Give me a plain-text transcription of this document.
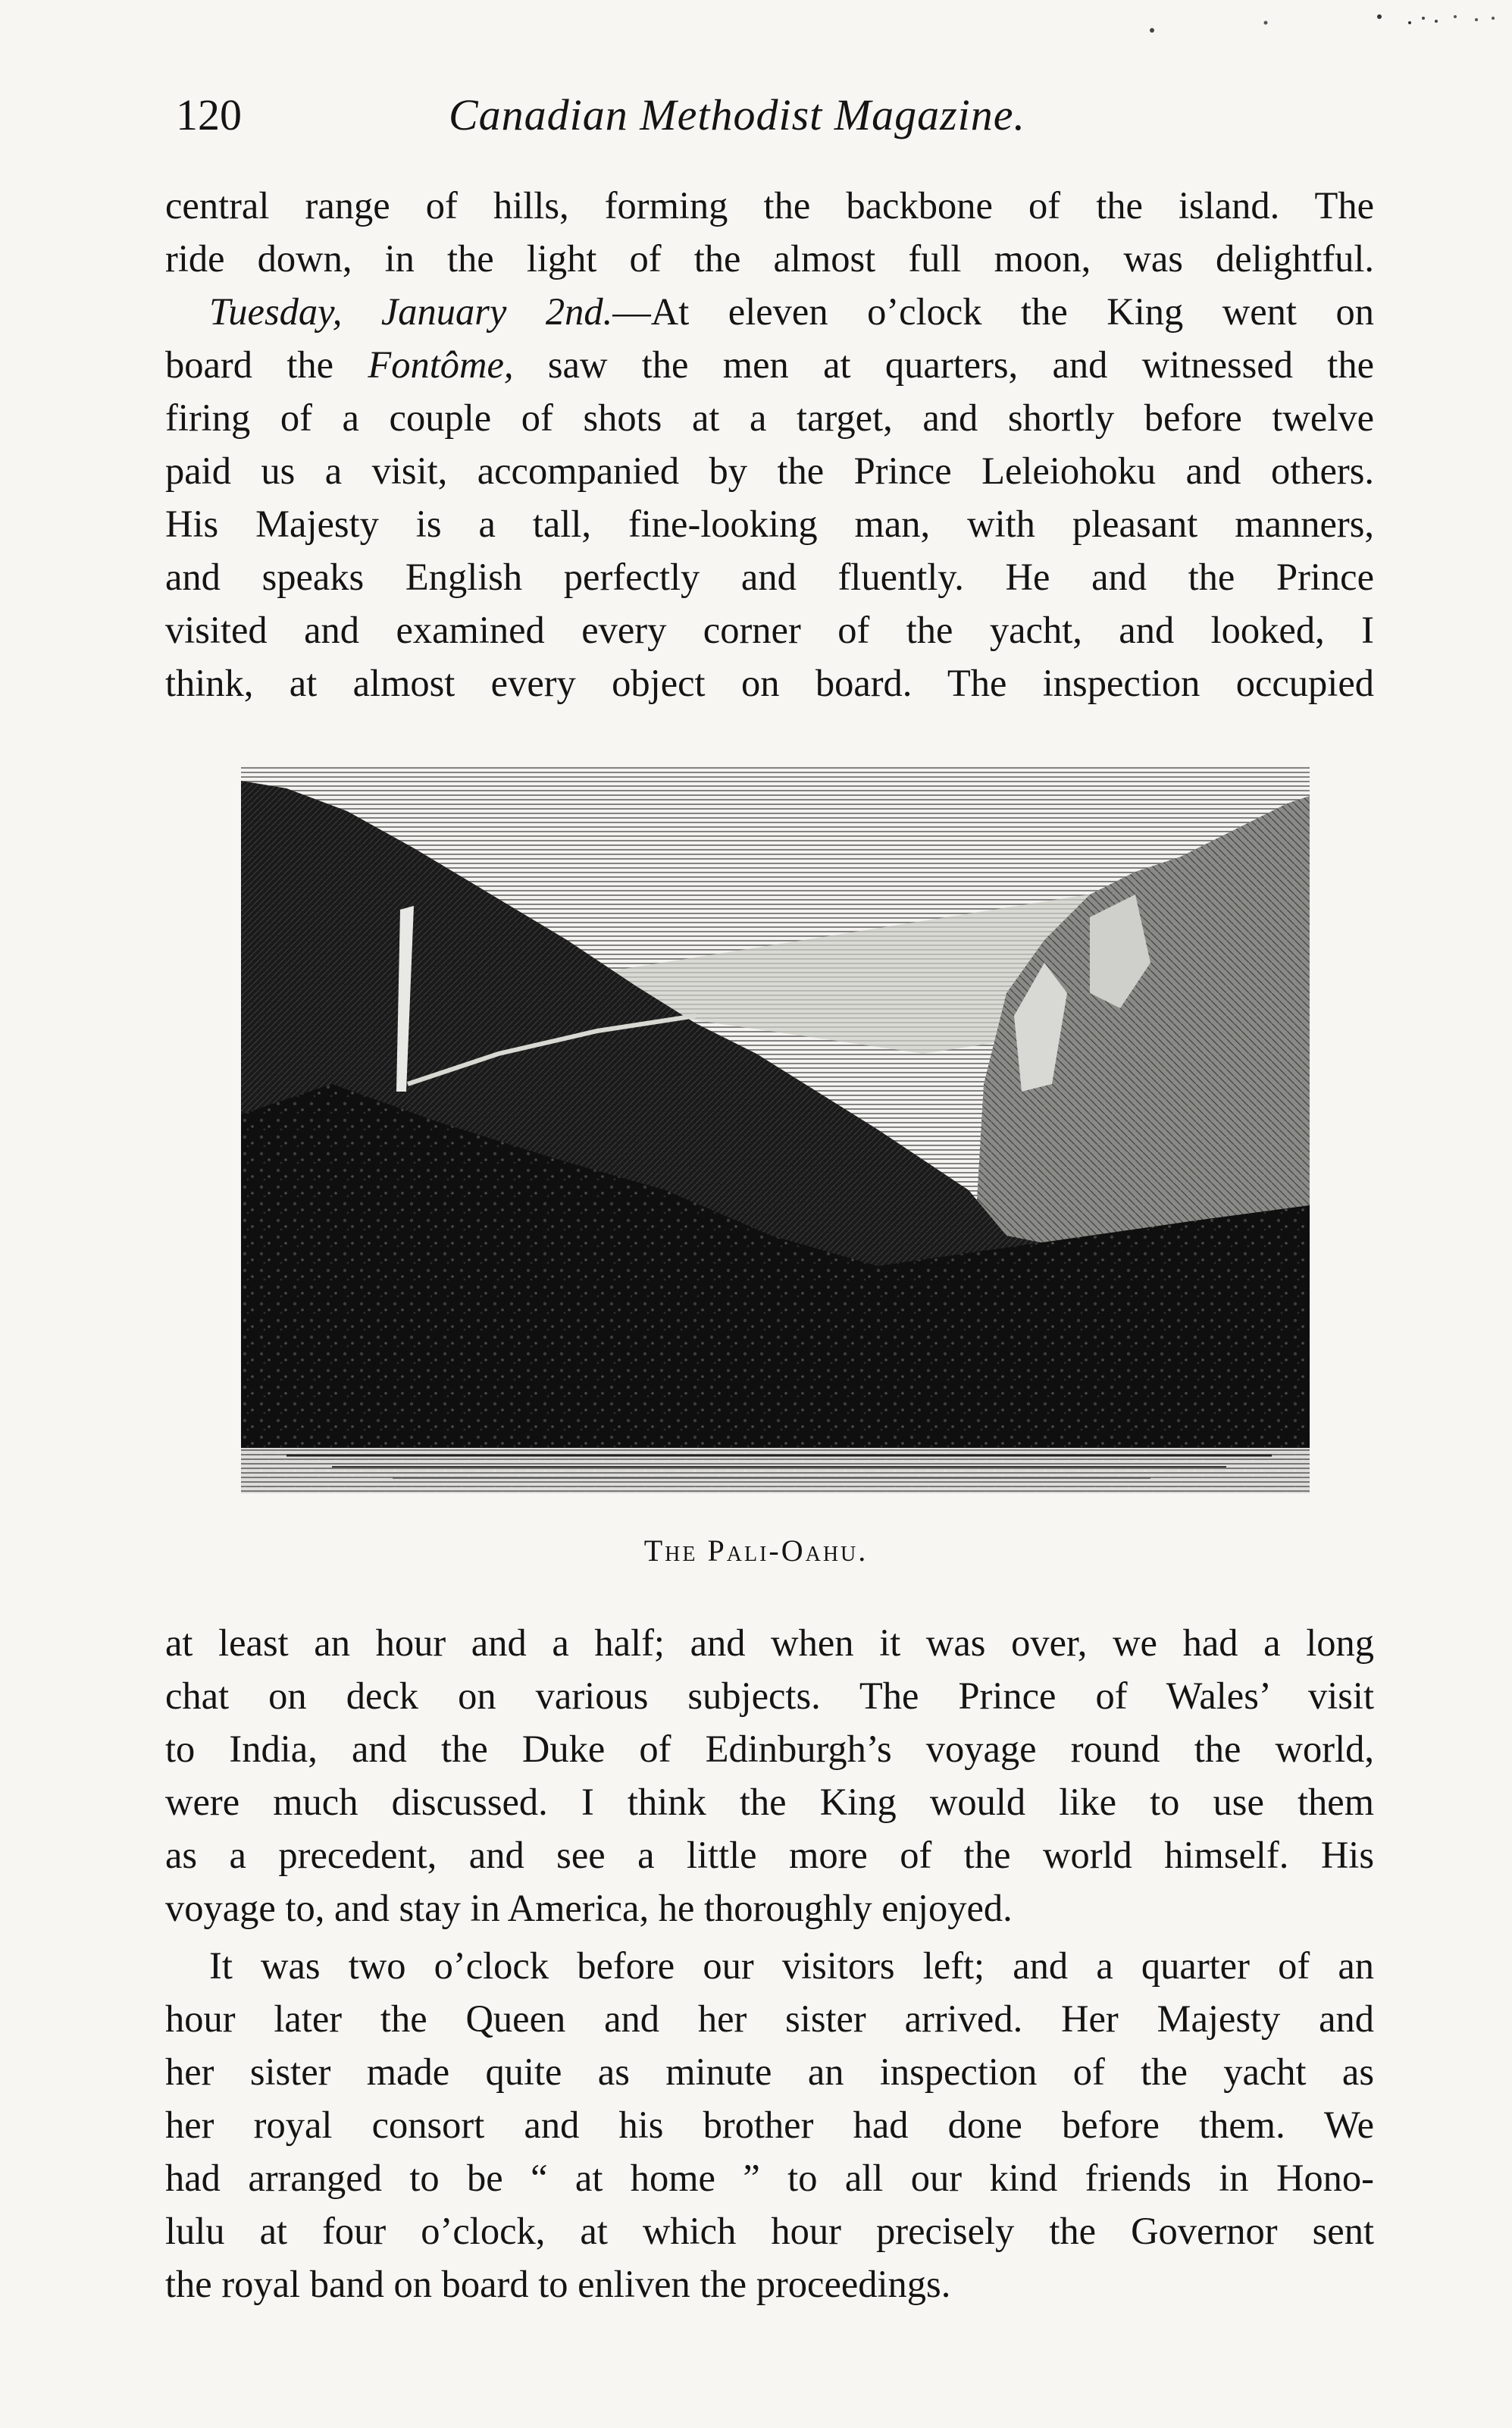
120	Canadian Methodist Magazine.
central range of hills, forming the backbone of the island. The
ride down, in the light of the almost full moon, was delightful.
Tuesday, January 2nd.—At eleven o’clock the King went on
board the Fontôme, saw the men at quarters, and witnessed the
firing of a couple of shots at a target, and shortly before twelve
paid us a visit, accompanied by the Prince Leleiohoku and others.
His Majesty is a tall, fine-looking man, with pleasant manners,
and speaks English perfectly and fluently. He and the Prince
visited and examined every corner of the yacht, and looked, I
think, at almost every object on board. The inspection occupied
The Pali-Oahu.
at least an hour and a half; and when it was over, we had a long
chat on deck on various subjects. The Prince of Wales’ visit
to India, and the Duke of Edinburgh’s voyage round the world,
were much discussed. I think the King would like to use them
as a precedent, and see a little more of the world himself. His
voyage to, and stay in America, he thoroughly enjoyed.
It was two o’clock before our visitors left; and a quarter of an
hour later the Queen and her sister arrived. Her Majesty and
her sister made quite as minute an inspection of the yacht as
her royal consort and his brother had done before them. We
had arranged to be “ at home ” to all our kind friends in Hono-
lulu at four o’clock, at which hour precisely the Governor sent
the royal band on board to enliven the proceedings.
